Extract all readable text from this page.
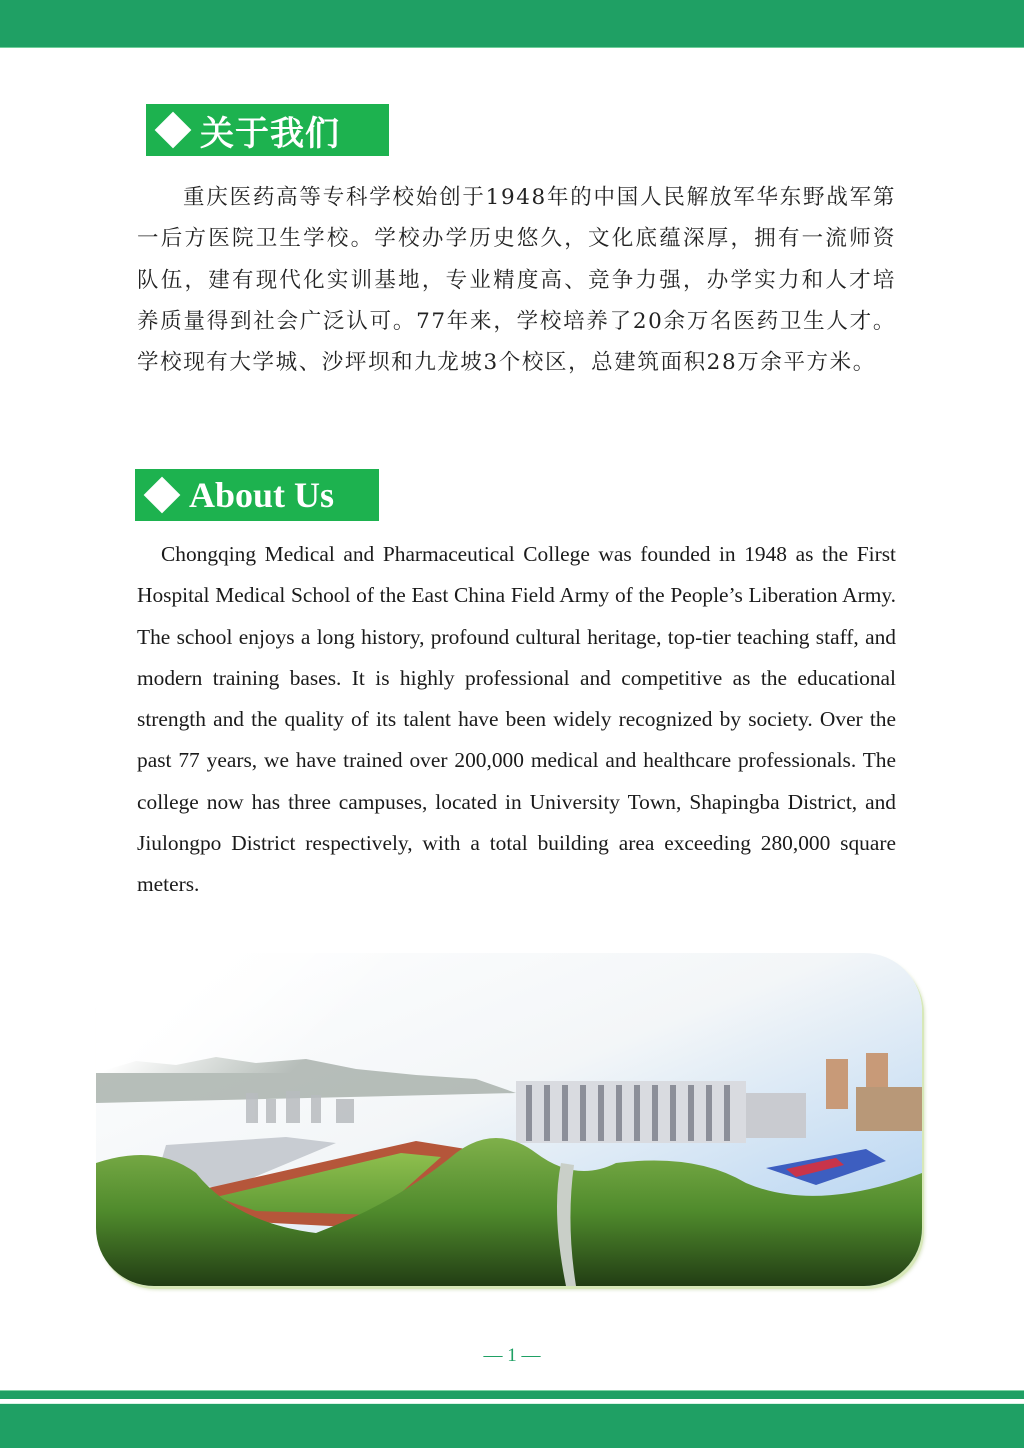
关于我们

重庆医药高等专科学校始创于1948年的中国人民解放军华东野战军第一后方医院卫生学校。学校办学历史悠久，文化底蕴深厚，拥有一流师资队伍，建有现代化实训基地，专业精度高、竞争力强，办学实力和人才培养质量得到社会广泛认可。77年来，学校培养了20余万名医药卫生人才。学校现有大学城、沙坪坝和九龙坡3个校区，总建筑面积28万余平方米。

About Us

Chongqing Medical and Pharmaceutical College was founded in 1948 as the First Hospital Medical School of the East China Field Army of the People’s Liberation Army. The school enjoys a long history, profound cultural heritage, top-tier teaching staff, and modern training bases. It is highly professional and competitive as the educational strength and the quality of its talent have been widely recognized by society. Over the past 77 years, we have trained over 200,000 medical and healthcare professionals. The college now has three campuses, located in University Town, Shapingba District, and Jiulongpo District respectively, with a total building area exceeding 280,000 square meters.

— 1 —
